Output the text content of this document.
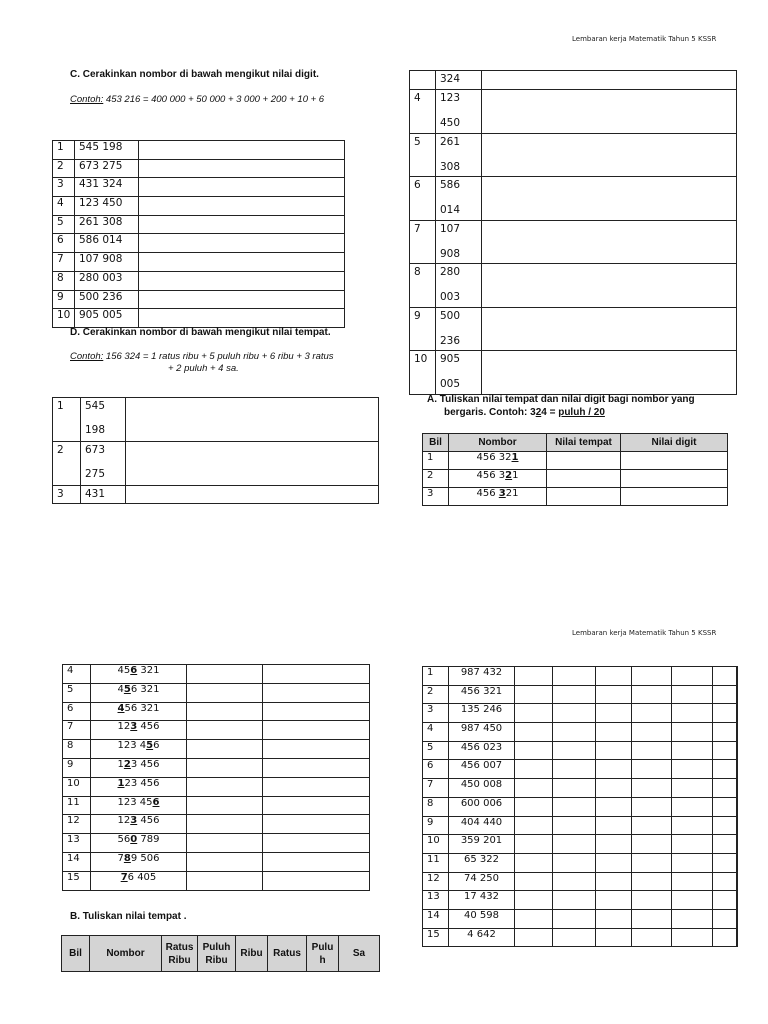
Lembaran kerja Matematik Tahun 5 KSSR
C. Cerakinkan nombor di bawah mengikut nilai digit.
Contoh: 453 216 = 400 000 + 50 000 + 3 000 + 200 + 10 + 6
1	545 198	
2	673 275	
3	431 324	
4	123 450	
5	261 308	
6	586 014	
7	107 908	
8	280 003	
9	500 236	
10	905 005	
D. Cerakinkan nombor di bawah mengikut nilai tempat.
Contoh: 156 324 = 1 ratus ribu + 5 puluh ribu + 6 ribu + 3 ratus
+ 2 puluh + 4 sa.
1	545
198	

2	673
275	

3	431	

	324	
4	123
450	

5	261
308	

6	586
014	

7	107
908	

8	280
003	

9	500
236	

10	905
005	

A. Tuliskan nilai tempat dan nilai digit bagi nombor yang
bergaris. Contoh: 324 = puluh / 20
Bil	Nombor	Nilai tempat	Nilai digit
1	456 321		
2	456 321		
3	456 321		
Lembaran kerja Matematik Tahun 5 KSSR
4	456 321		
5	456 321		
6	456 321		
7	123 456		
8	123 456		
9	123 456		
10	123 456		
11	123 456		
12	123 456		
13	560 789		
14	789 506		
15	76 405		
B. Tuliskan nilai tempat .
Bil	Nombor	Ratus Ribu	Puluh Ribu	Ribu	Ratus	Pulu h	Sa
1	987 432							
2	456 321							
3	135 246							
4	987 450							
5	456 023							
6	456 007							
7	450 008							
8	600 006							
9	404 440							
10	359 201							
11	65 322							
12	74 250							
13	17 432							
14	40 598							
15	4 642							
